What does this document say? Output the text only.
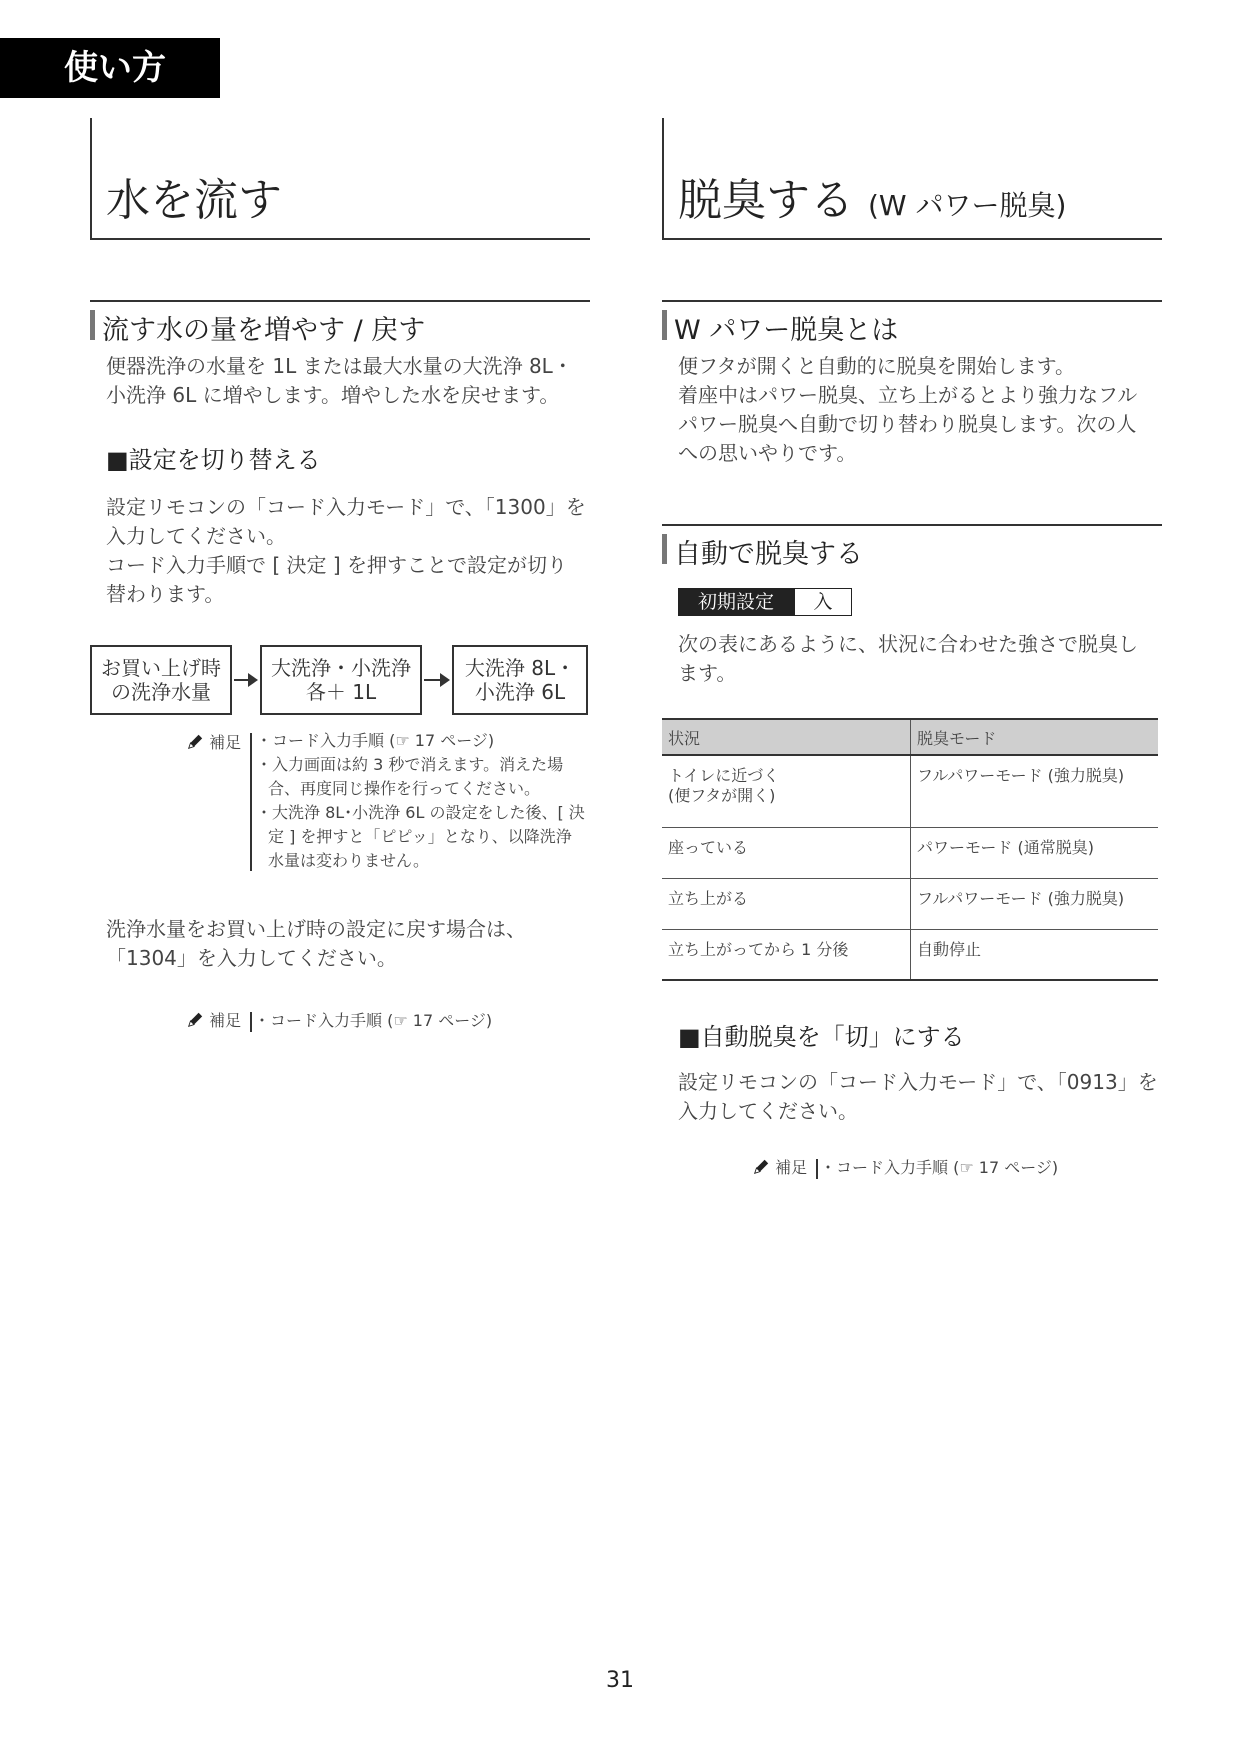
使い方
水を流す
流す水の量を増やす / 戻す
便器洗浄の水量を 1L または最大水量の大洗浄 8L・
小洗浄 6L に増やします。増やした水を戻せます。
■設定を切り替える
設定リモコンの「コード入力モード」で、「1300」を
入力してください。
コード入力手順で [ 決定 ] を押すことで設定が切り
替わります。
お買い上げ時
の洗浄水量
大洗浄・小洗浄
各＋ 1L
大洗浄 8L・
小洗浄 6L
補足 ・コード入力手順 (☞ 17 ページ)
・入力画面は約 3 秒で消えます。消えた場合、再度同じ操作を行ってください。
・大洗浄 8L･小洗浄 6L の設定をした後、[ 決定 ] を押すと「ピピッ」となり、以降洗浄水量は変わりません。
洗浄水量をお買い上げ時の設定に戻す場合は、
「1304」を入力してください。
補足 ・コード入力手順 (☞ 17 ページ)
脱臭する (W パワー脱臭)
W パワー脱臭とは
便フタが開くと自動的に脱臭を開始します。
着座中はパワー脱臭、立ち上がるとより強力なフル
パワー脱臭へ自動で切り替わり脱臭します。次の人
への思いやりです。
自動で脱臭する
初期設定	入
次の表にあるように、状況に合わせた強さで脱臭し
ます。
状況	脱臭モード

トイレに近づく
(便フタが開く)	フルパワーモード (強力脱臭)
座っている	パワーモード (通常脱臭)
立ち上がる	フルパワーモード (強力脱臭)
立ち上がってから 1 分後	自動停止
■自動脱臭を「切」にする
設定リモコンの「コード入力モード」で、「0913」を
入力してください。
補足 ・コード入力手順 (☞ 17 ページ)
31
